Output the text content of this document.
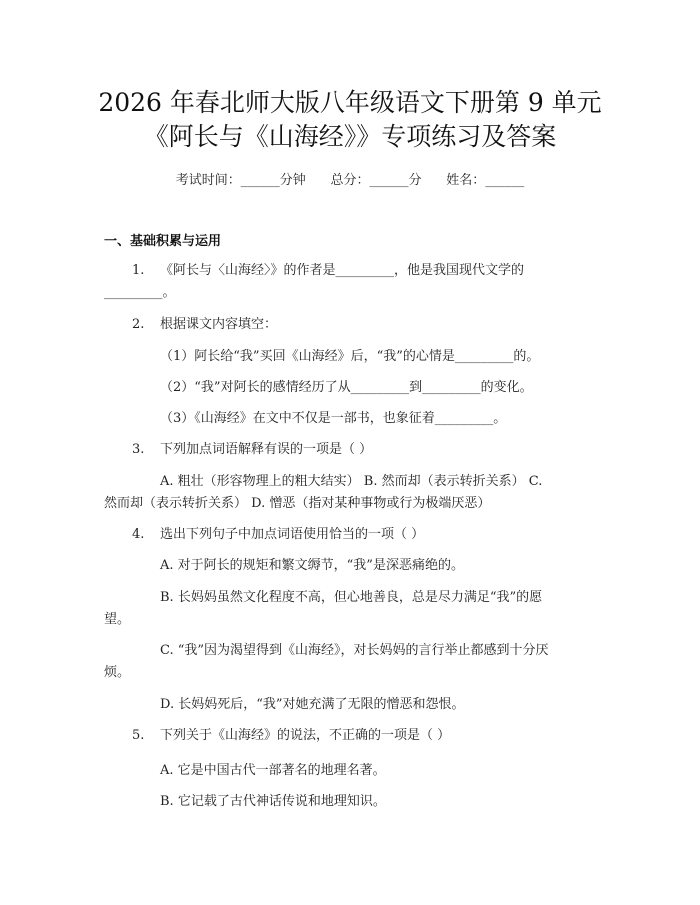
2026 年春北师大版八年级语文下册第 9 单元
《阿长与《山海经》》专项练习及答案
考试时间：______分钟      总分：______分      姓名：______
一、基础积累与运用
1. 《阿长与〈山海经〉》的作者是_________，他是我国现代文学的
_________。
2. 根据课文内容填空：
（1）阿长给“我”买回《山海经》后，“我”的心情是_________的。
（2）“我”对阿长的感情经历了从_________到_________的变化。
（3）《山海经》在文中不仅是一部书，也象征着_________。
3. 下列加点词语解释有误的一项是（ ）
A. 粗壮（形容物理上的粗大结实） B. 然而却（表示转折关系） C.
然而却（表示转折关系） D. 憎恶（指对某种事物或行为极端厌恶）
4. 选出下列句子中加点词语使用恰当的一项（ ）
A. 对于阿长的规矩和繁文缛节，“我”是深恶痛绝的。
B. 长妈妈虽然文化程度不高，但心地善良，总是尽力满足“我”的愿
望。
C. “我”因为渴望得到《山海经》，对长妈妈的言行举止都感到十分厌
烦。
D. 长妈妈死后，“我”对她充满了无限的憎恶和怨恨。
5. 下列关于《山海经》的说法，不正确的一项是（ ）
A. 它是中国古代一部著名的地理名著。
B. 它记载了古代神话传说和地理知识。
